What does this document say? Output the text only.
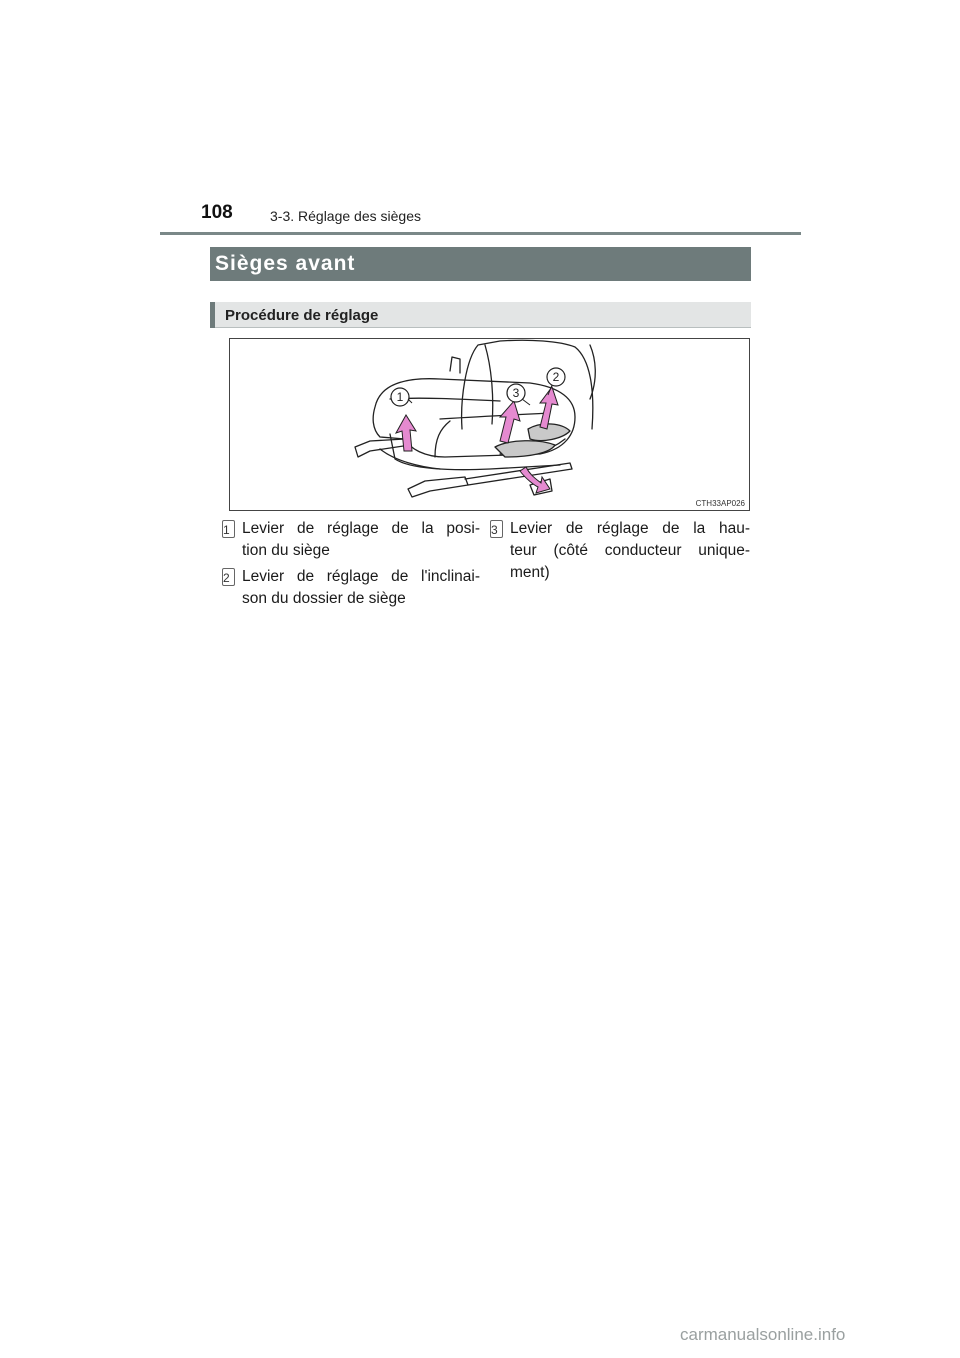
108	3-3. Réglage des sièges
Sièges avant
Procédure de réglage
1	3
2
CTH33AP026
1 Levier de réglage de la posi-
tion du siège
2 Levier de réglage de l'inclinai-
son du dossier de siège
3 Levier de réglage de la hau-
teur (côté conducteur unique-
ment)
carmanualsonline.info
